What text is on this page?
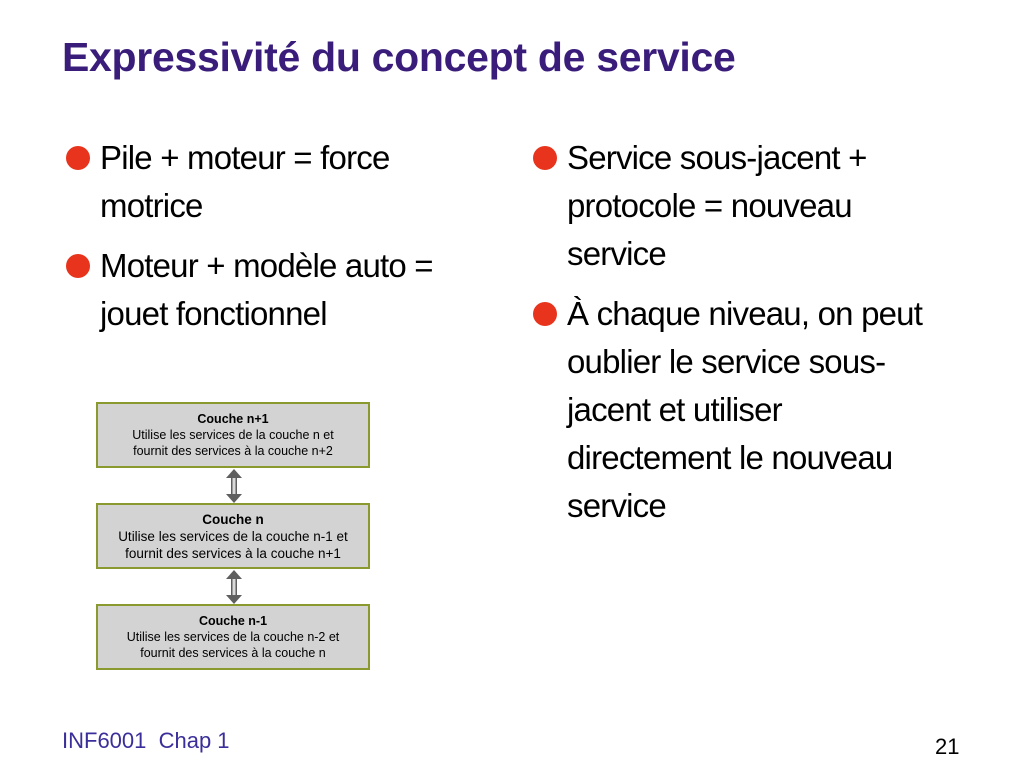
Expressivité du concept de service
Pile + moteur = force motrice
Moteur + modèle auto = jouet fonctionnel
Service sous-jacent + protocole = nouveau service
À chaque niveau, on peut oublier le service sous-jacent et utiliser directement le nouveau service
Couche n+1
Utilise les services de la couche n et
fournit des services à la couche n+2
Couche n
Utilise les services de la couche n-1 et
fournit des services à la couche n+1
Couche n-1
Utilise les services de la couche n-2 et
fournit des services à la couche n
INF6001  Chap 1	21
